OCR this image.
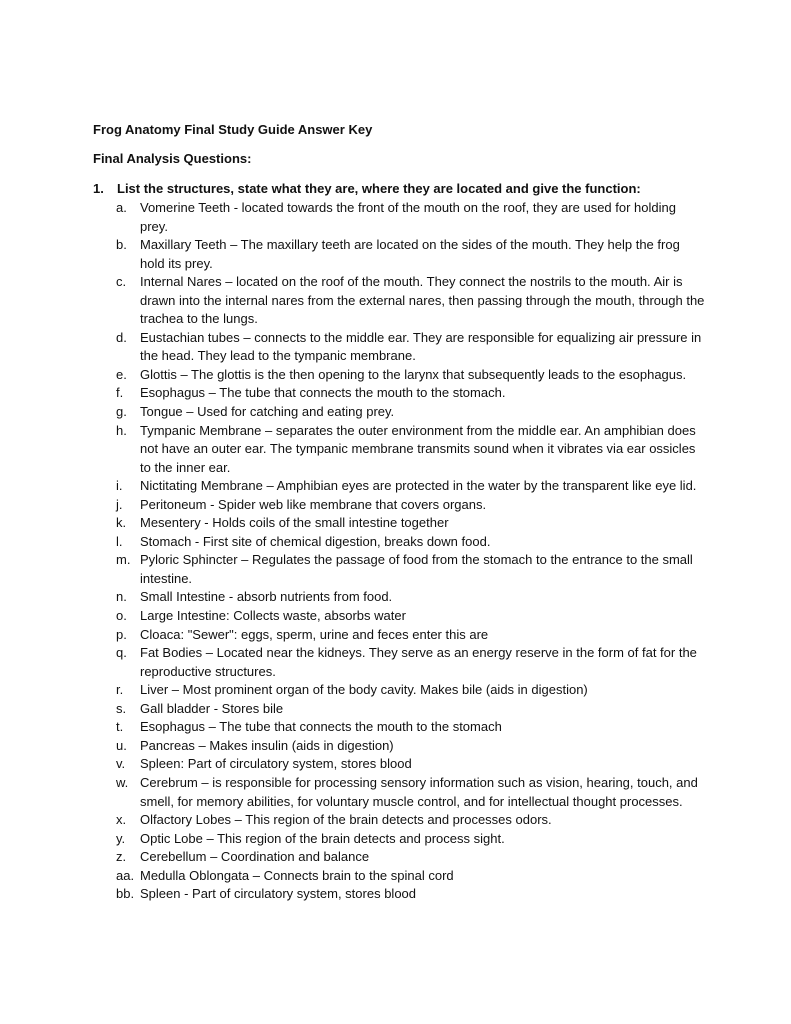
Frog Anatomy Final Study Guide Answer Key
Final Analysis Questions:
1. List the structures, state what they are, where they are located and give the function:
a.	Vomerine Teeth - located towards the front of the mouth on the roof, they are used for holding prey.
b.	Maxillary Teeth – The maxillary teeth are located on the sides of the mouth. They help the frog hold its prey.
c.	Internal Nares – located on the roof of the mouth. They connect the nostrils to the mouth. Air is drawn into the internal nares from the external nares, then passing through the mouth, through the trachea to the lungs.
d.	Eustachian tubes – connects to the middle ear. They are responsible for equalizing air pressure in the head. They lead to the tympanic membrane.
e.	Glottis – The glottis is the then opening to the larynx that subsequently leads to the esophagus.
f.	Esophagus – The tube that connects the mouth to the stomach.
g.	Tongue – Used for catching and eating prey.
h.	Tympanic Membrane – separates the outer environment from the middle ear. An amphibian does not have an outer ear. The tympanic membrane transmits sound when it vibrates via ear ossicles to the inner ear.
i.	Nictitating Membrane – Amphibian eyes are protected in the water by the transparent like eye lid.
j.	Peritoneum - Spider web like membrane that covers organs.
k.	Mesentery - Holds coils of the small intestine together
l.	Stomach - First site of chemical digestion, breaks down food.
m. Pyloric Sphincter – Regulates the passage of food from the stomach to the entrance to the small intestine.
n.	Small Intestine - absorb nutrients from food.
o.	Large Intestine: Collects waste, absorbs water
p.	Cloaca: "Sewer": eggs, sperm, urine and feces enter this are
q.	Fat Bodies – Located near the kidneys. They serve as an energy reserve in the form of fat for the reproductive structures.
r.	Liver – Most prominent organ of the body cavity. Makes bile (aids in digestion)
s.	Gall bladder - Stores bile
t.	Esophagus – The tube that connects the mouth to the stomach
u.	Pancreas – Makes insulin (aids in digestion)
v.	Spleen: Part of circulatory system, stores blood
w. Cerebrum – is responsible for processing sensory information such as vision, hearing, touch, and smell, for memory abilities, for voluntary muscle control, and for intellectual thought processes.
x.	Olfactory Lobes – This region of the brain detects and processes odors.
y.	Optic Lobe – This region of the brain detects and process sight.
z.	Cerebellum – Coordination and balance
aa. Medulla Oblongata – Connects brain to the spinal cord
bb. Spleen - Part of circulatory system, stores blood
